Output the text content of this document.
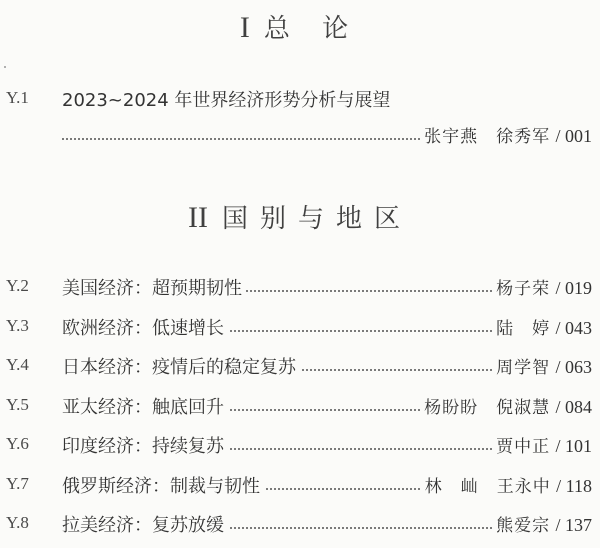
I 总 论
Y.1 2023~2024 年世界经济形势分析与展望
张宇燕　徐秀军 / 001
II 国别与地区
Y.2 美国经济：超预期韧性	杨子荣 / 019
Y.3 欧洲经济：低速增长	陆　婷 / 043
Y.4 日本经济：疫情后的稳定复苏	周学智 / 063
Y.5 亚太经济：触底回升	杨盼盼　倪淑慧 / 084
Y.6 印度经济：持续复苏	贾中正 / 101
Y.7 俄罗斯经济：制裁与韧性	林　屾　王永中 / 118
Y.8 拉美经济：复苏放缓	熊爱宗 / 137
